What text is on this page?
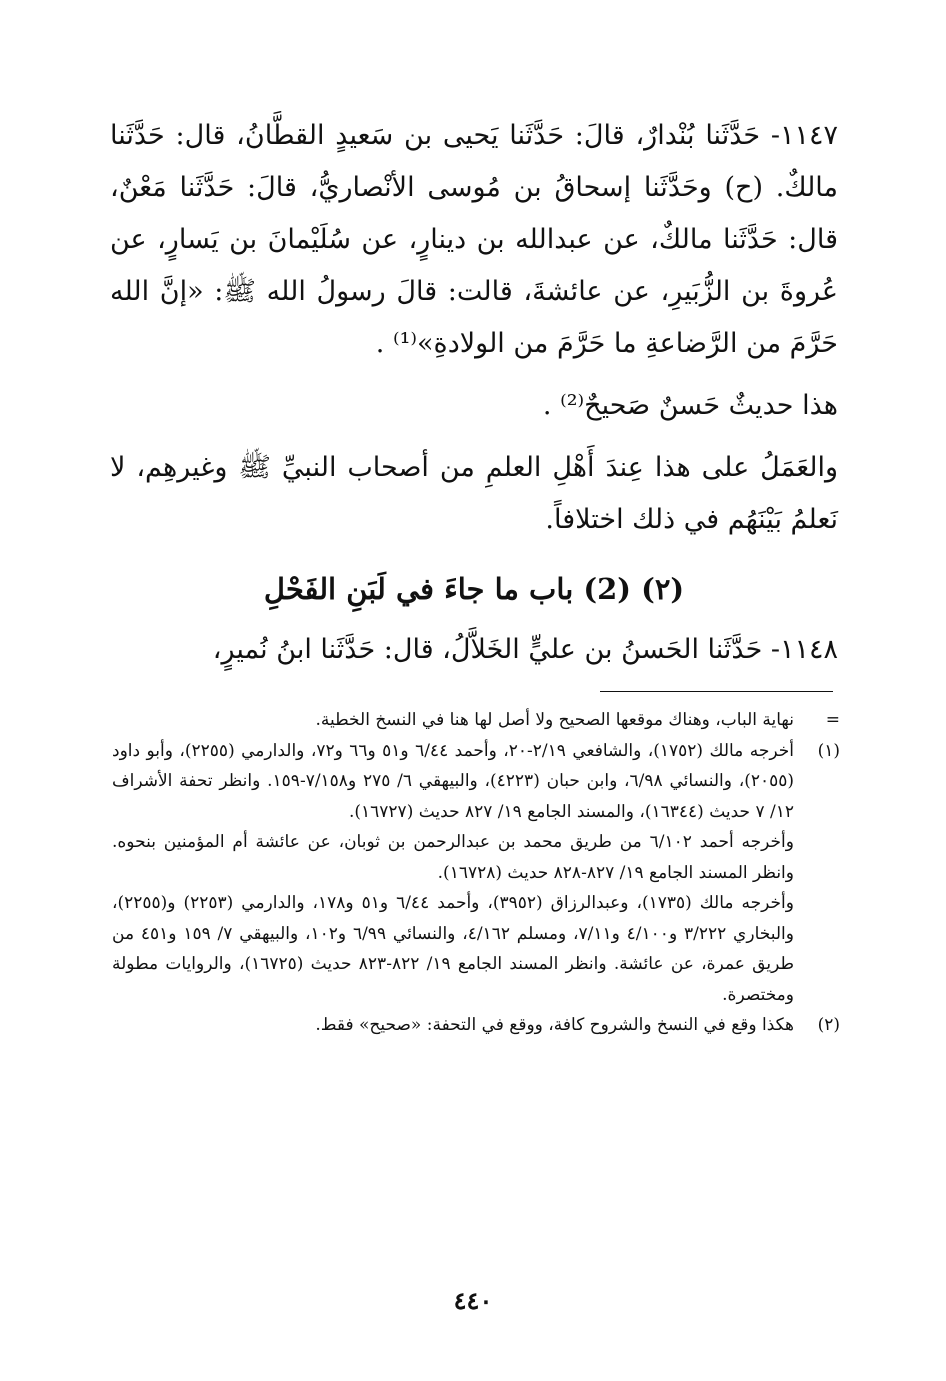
١١٤٧- حَدَّثَنا بُنْدارٌ، قالَ: حَدَّثَنا يَحيى بن سَعيدٍ القطَّانُ، قال: حَدَّثَنا مالكٌ. (ح) وحَدَّثَنا إسحاقُ بن مُوسى الأنْصاريُّ، قالَ: حَدَّثَنا مَعْنٌ، قال: حَدَّثَنا مالكٌ، عن عبدالله بن دينارٍ، عن سُلَيْمانَ بن يَسارٍ، عن عُروةَ بن الزُّبَيرِ، عن عائشةَ، قالت: قالَ رسولُ الله ﷺ: «إنَّ الله حَرَّمَ من الرَّضاعةِ ما حَرَّمَ من الولادةِ»⁽¹⁾ .

هذا حديثٌ حَسنٌ صَحيحٌ⁽²⁾ .

والعَمَلُ على هذا عِندَ أَهْلِ العلمِ من أصحاب النبيِّ ﷺ وغيرهِم، لا نَعلمُ بَيْنَهُم في ذلك اختلافاً.

(٢) (2) باب ما جاءَ في لَبَنِ الفَحْلِ

١١٤٨- حَدَّثَنا الحَسنُ بن عليٍّ الخَلاَّلُ، قال: حَدَّثَنا ابنُ نُميرٍ،

=
نهاية الباب، وهناك موقعها الصحيح ولا أصل لها هنا في النسخ الخطية.
(١)
أخرجه مالك (١٧٥٢)، والشافعي ٢/١٩-٢٠، وأحمد ٦/٤٤ و٥١ و٦٦ و٧٢، والدارمي (٢٢٥٥)، وأبو داود (٢٠٥٥)، والنسائي ٦/٩٨، وابن حبان (٤٢٢٣)، والبيهقي ٦/ ٢٧٥ و٧/١٥٨-١٥٩. وانظر تحفة الأشراف ١٢/ ٧ حديث (١٦٣٤٤)، والمسند الجامع ١٩/ ٨٢٧ حديث (١٦٧٢٧).
وأخرجه أحمد ٦/١٠٢ من طريق محمد بن عبدالرحمن بن ثوبان، عن عائشة أم المؤمنين بنحوه. وانظر المسند الجامع ١٩/ ٨٢٧-٨٢٨ حديث (١٦٧٢٨).
وأخرجه مالك (١٧٣٥)، وعبدالرزاق (٣٩٥٢)، وأحمد ٦/٤٤ و٥١ و١٧٨، والدارمي (٢٢٥٣) و(٢٢٥٥)، والبخاري ٣/٢٢٢ و٤/١٠٠ و٧/١١، ومسلم ٤/١٦٢، والنسائي ٦/٩٩ و١٠٢، والبيهقي ٧/ ١٥٩ و٤٥١ من طريق عمرة، عن عائشة. وانظر المسند الجامع ١٩/ ٨٢٢-٨٢٣ حديث (١٦٧٢٥)، والروايات مطولة ومختصرة.
(٢)
هكذا وقع في النسخ والشروح كافة، ووقع في التحفة: «صحيح» فقط.
٤٤٠
